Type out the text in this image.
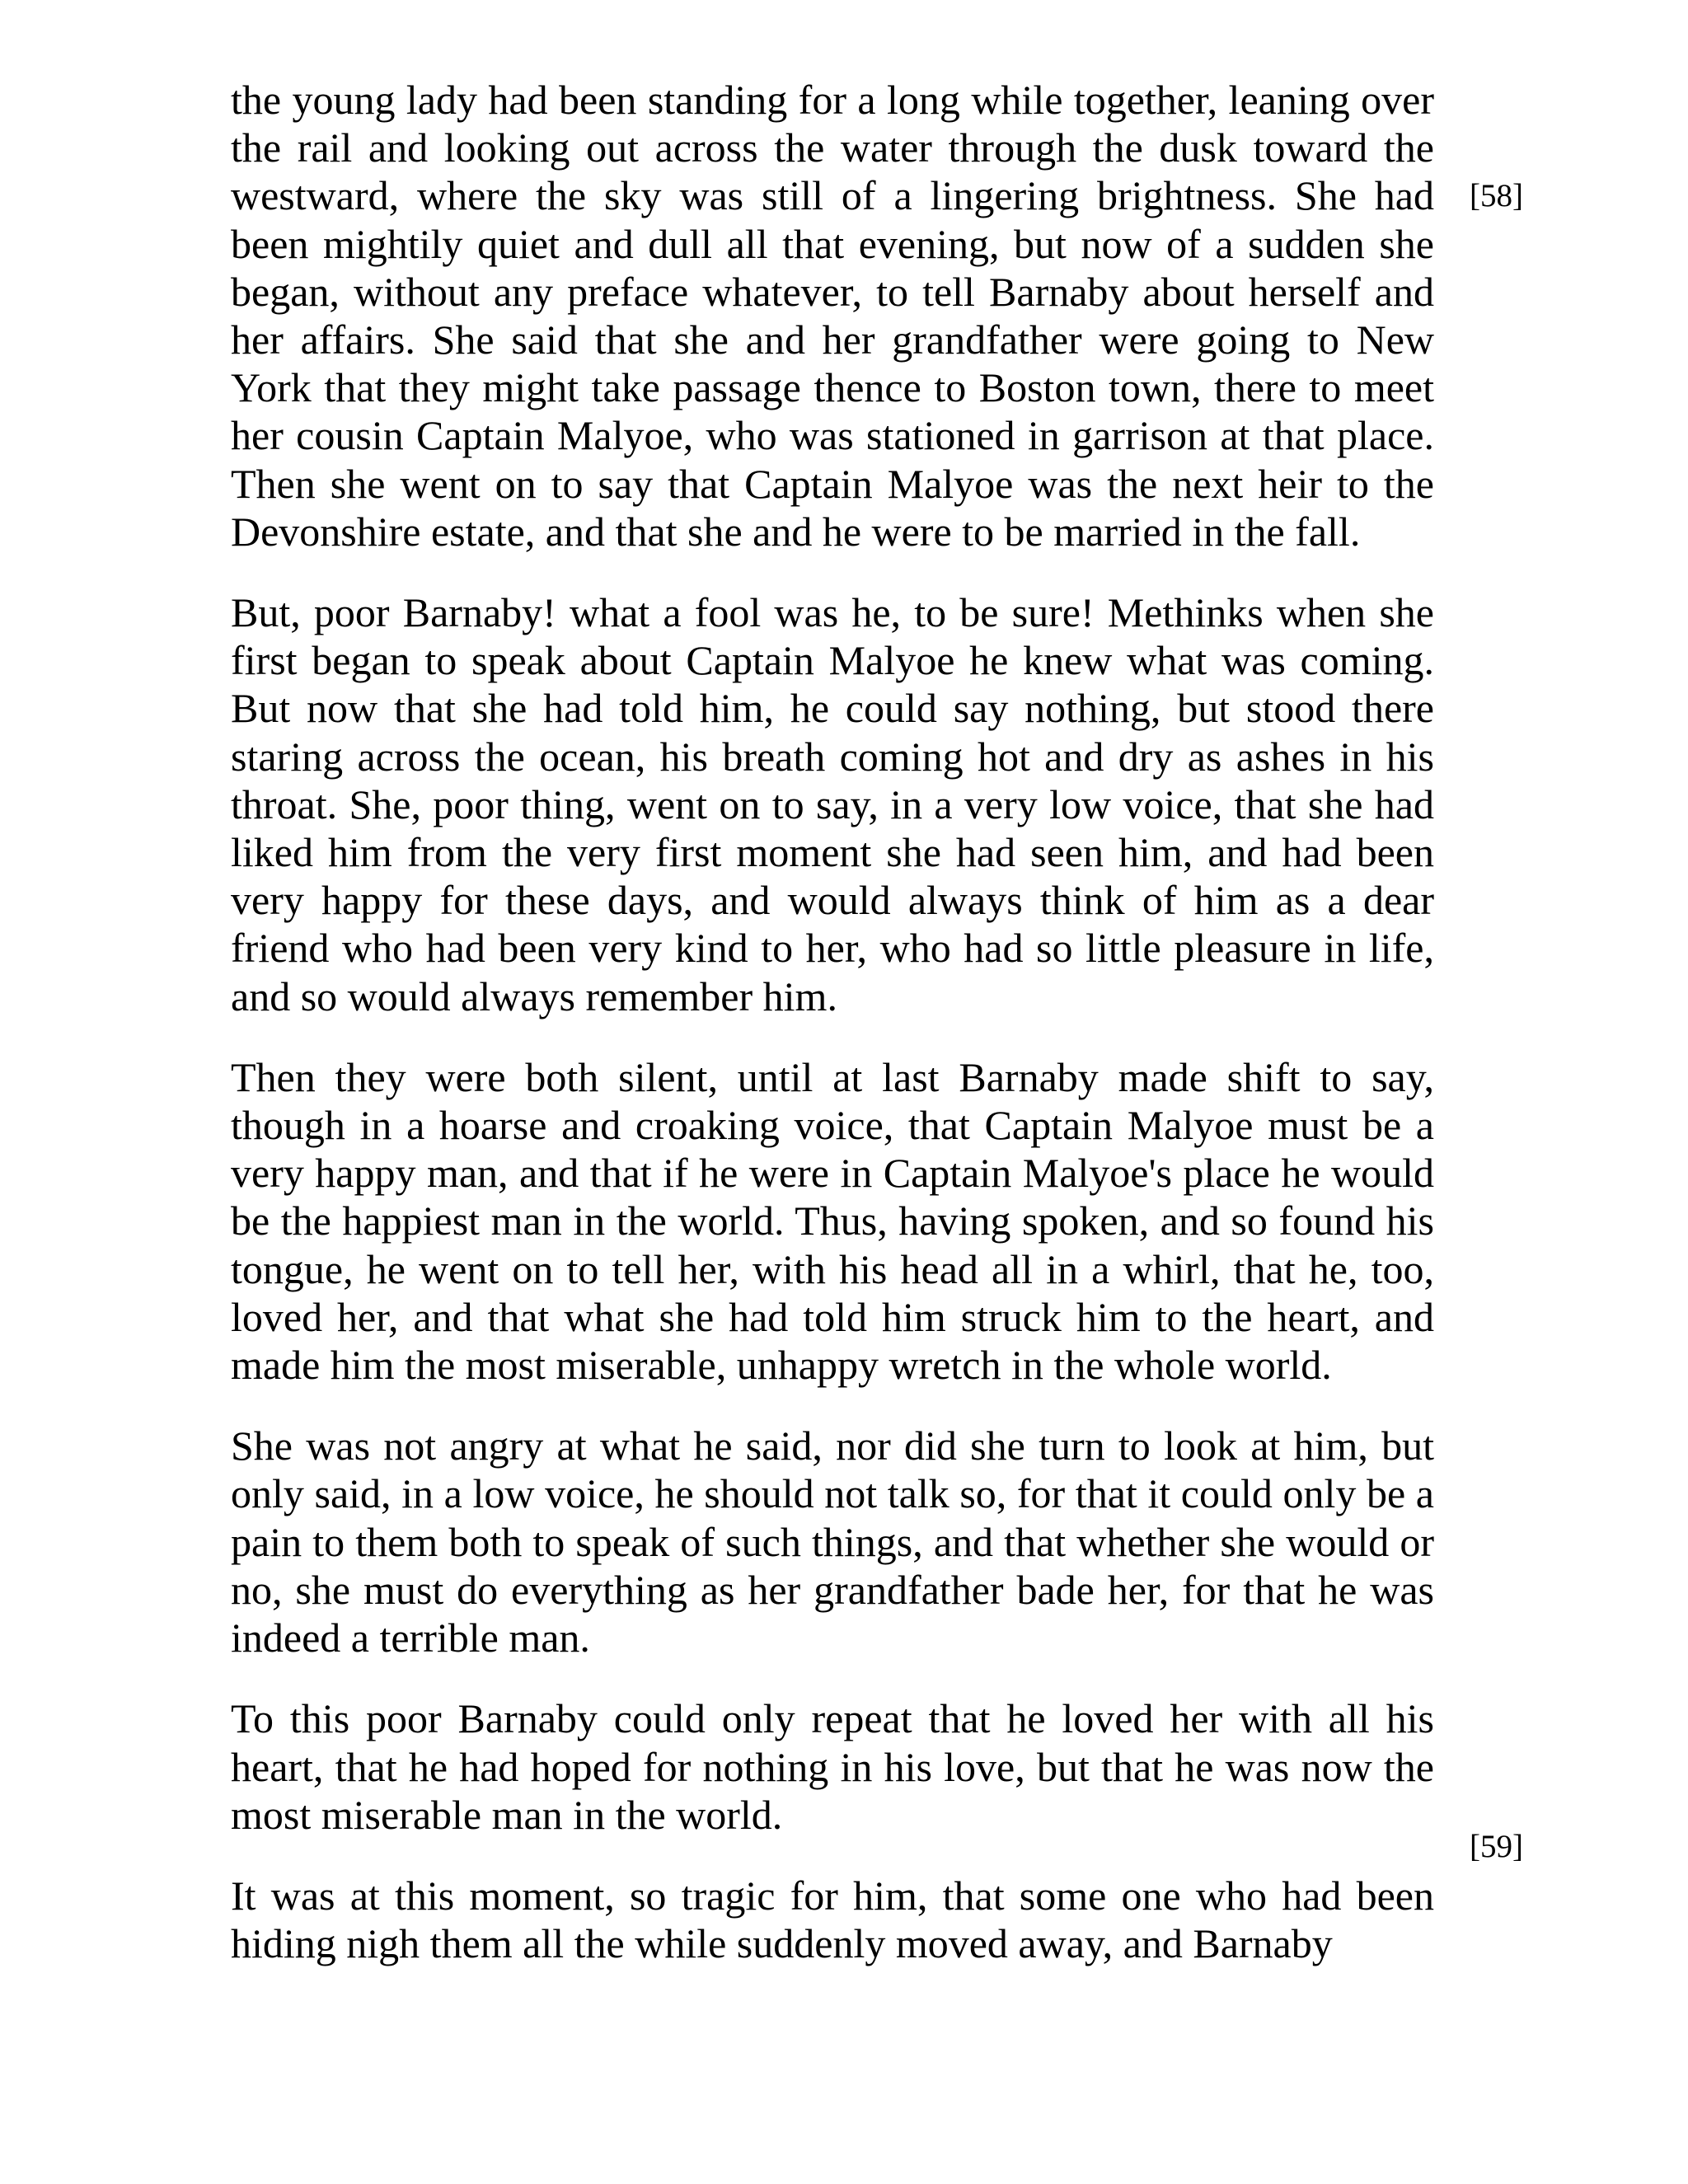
the young lady had been standing for a long while together, leaning over the rail and looking out across the water through the dusk toward the westward, where the sky was still of a lingering brightness. She had been mightily quiet and dull all that evening, but now of a sudden she began, without any preface whatever, to tell Barnaby about herself and her affairs. She said that she and her grandfather were going to New York that they might take passage thence to Boston town, there to meet her cousin Captain Malyoe, who was stationed in garrison at that place. Then she went on to say that Captain Malyoe was the next heir to the Devonshire estate, and that she and he were to be married in the fall.

But, poor Barnaby! what a fool was he, to be sure! Methinks when she first began to speak about Captain Malyoe he knew what was coming. But now that she had told him, he could say nothing, but stood there staring across the ocean, his breath coming hot and dry as ashes in his throat. She, poor thing, went on to say, in a very low voice, that she had liked him from the very first moment she had seen him, and had been very happy for these days, and would always think of him as a dear friend who had been very kind to her, who had so little pleasure in life, and so would always remember him.

Then they were both silent, until at last Barnaby made shift to say, though in a hoarse and croaking voice, that Captain Malyoe must be a very happy man, and that if he were in Captain Malyoe's place he would be the happiest man in the world. Thus, having spoken, and so found his tongue, he went on to tell her, with his head all in a whirl, that he, too, loved her, and that what she had told him struck him to the heart, and made him the most miserable, unhappy wretch in the whole world.

She was not angry at what he said, nor did she turn to look at him, but only said, in a low voice, he should not talk so, for that it could only be a pain to them both to speak of such things, and that whether she would or no, she must do everything as her grandfather bade her, for that he was indeed a terrible man.

To this poor Barnaby could only repeat that he loved her with all his heart, that he had hoped for nothing in his love, but that he was now the most miserable man in the world.

It was at this moment, so tragic for him, that some one who had been hiding nigh them all the while suddenly moved away, and Barnaby

[58]
[59]
